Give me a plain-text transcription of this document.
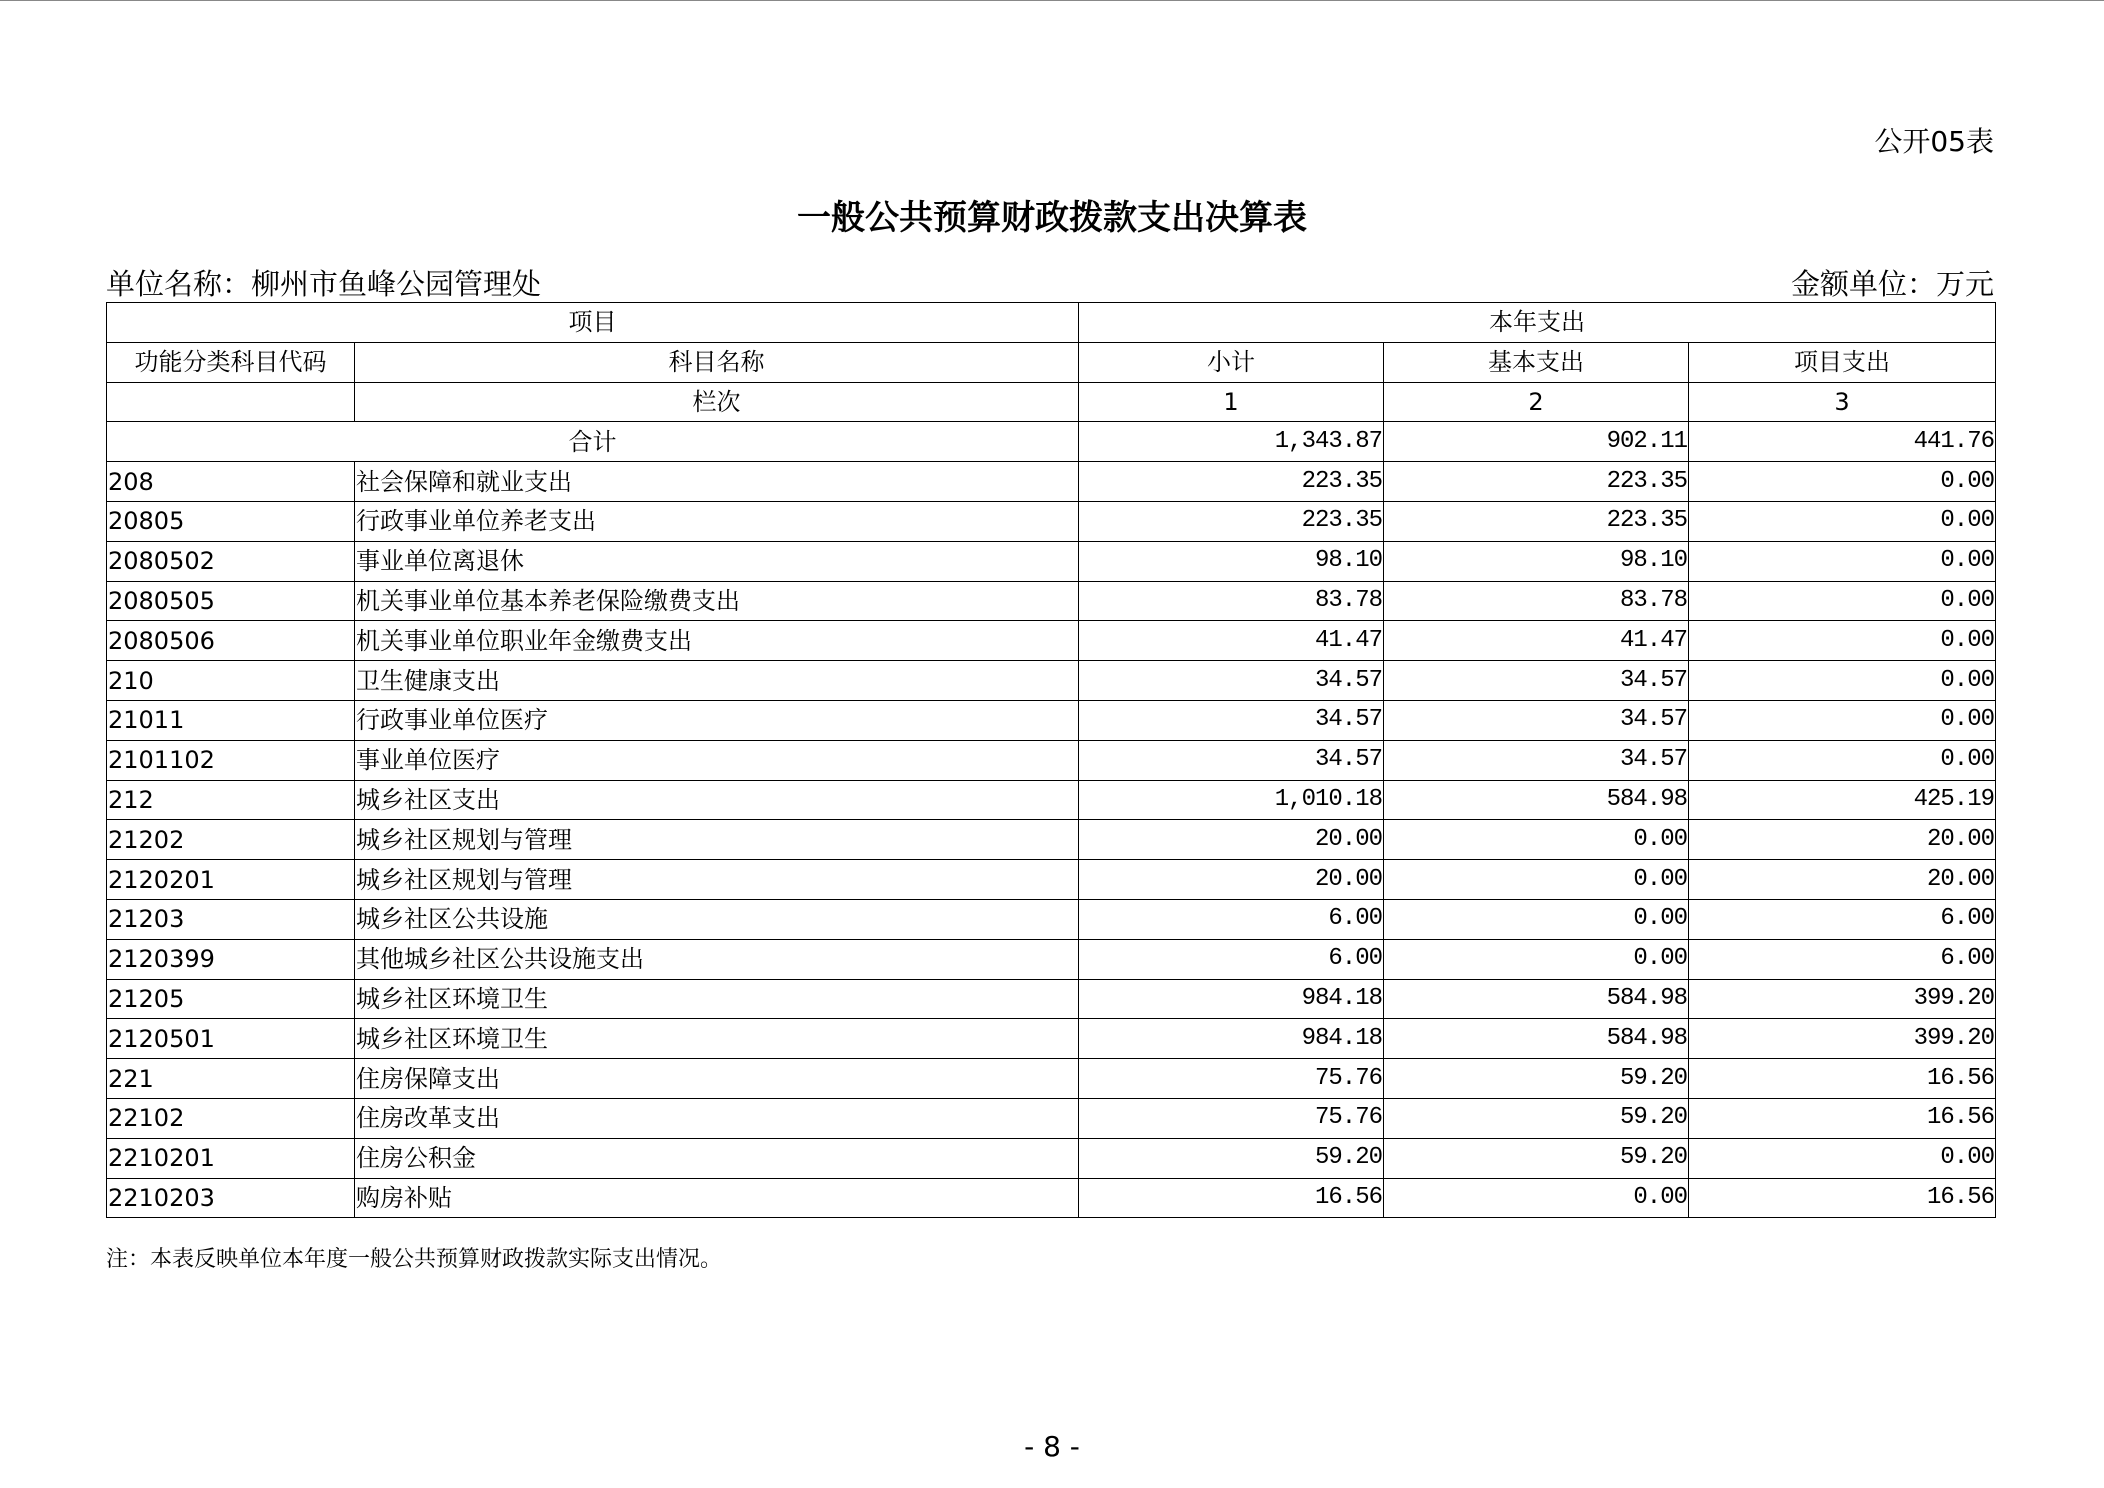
公开05表
一般公共预算财政拨款支出决算表
单位名称：柳州市鱼峰公园管理处	金额单位：万元
项目		本年支出		
功能分类科目代码	科目名称	小计	基本支出	项目支出
	栏次	1	2	3
合计		1,343.87	902.11	441.76
208	社会保障和就业支出	223.35	223.35	0.00
20805	行政事业单位养老支出	223.35	223.35	0.00
2080502	事业单位离退休	98.10	98.10	0.00
2080505	机关事业单位基本养老保险缴费支出	83.78	83.78	0.00
2080506	机关事业单位职业年金缴费支出	41.47	41.47	0.00
210	卫生健康支出	34.57	34.57	0.00
21011	行政事业单位医疗	34.57	34.57	0.00
2101102	事业单位医疗	34.57	34.57	0.00
212	城乡社区支出	1,010.18	584.98	425.19
21202	城乡社区规划与管理	20.00	0.00	20.00
2120201	城乡社区规划与管理	20.00	0.00	20.00
21203	城乡社区公共设施	6.00	0.00	6.00
2120399	其他城乡社区公共设施支出	6.00	0.00	6.00
21205	城乡社区环境卫生	984.18	584.98	399.20
2120501	城乡社区环境卫生	984.18	584.98	399.20
221	住房保障支出	75.76	59.20	16.56
22102	住房改革支出	75.76	59.20	16.56
2210201	住房公积金	59.20	59.20	0.00
2210203	购房补贴	16.56	0.00	16.56
注：本表反映单位本年度一般公共预算财政拨款实际支出情况。
- 8 -
